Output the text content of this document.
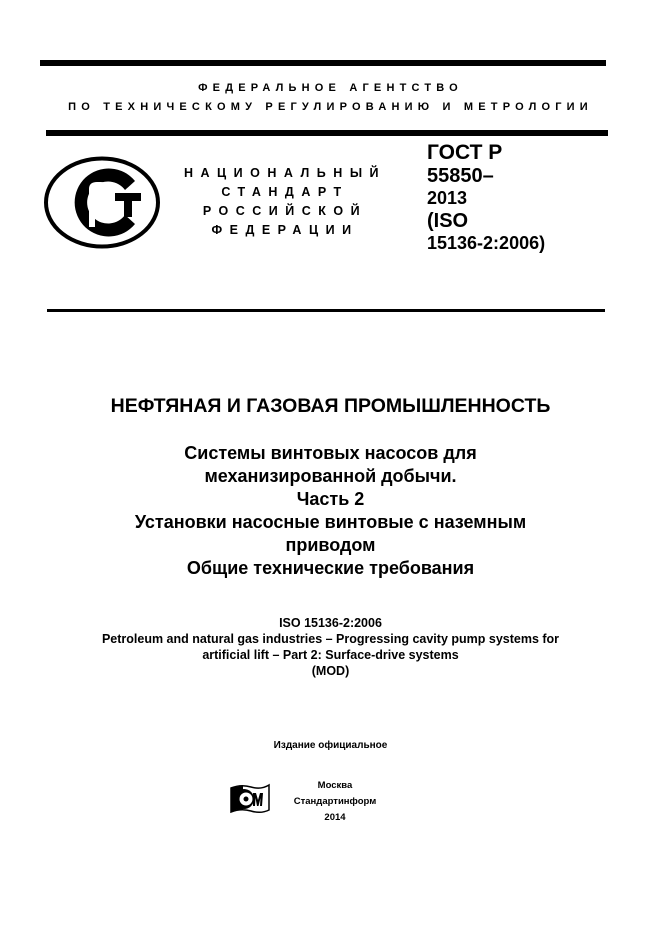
ФЕДЕРАЛЬНОЕ АГЕНТСТВО
ПО ТЕХНИЧЕСКОМУ РЕГУЛИРОВАНИЮ И МЕТРОЛОГИИ
НАЦИОНАЛЬНЫЙ
СТАНДАРТ
РОССИЙСКОЙ
ФЕДЕРАЦИИ
ГОСТ Р
55850–
2013
(ISO
15136-2:2006)
НЕФТЯНАЯ И ГАЗОВАЯ ПРОМЫШЛЕННОСТЬ
Системы винтовых насосов для
механизированной добычи.
Часть 2
Установки насосные винтовые с наземным
приводом
Общие технические требования
ISO 15136-2:2006
Petroleum and natural gas industries – Progressing cavity pump systems for
artificial lift – Part 2: Surface-drive systems
(MOD)
Издание официальное
Москва
Стандартинформ
2014
